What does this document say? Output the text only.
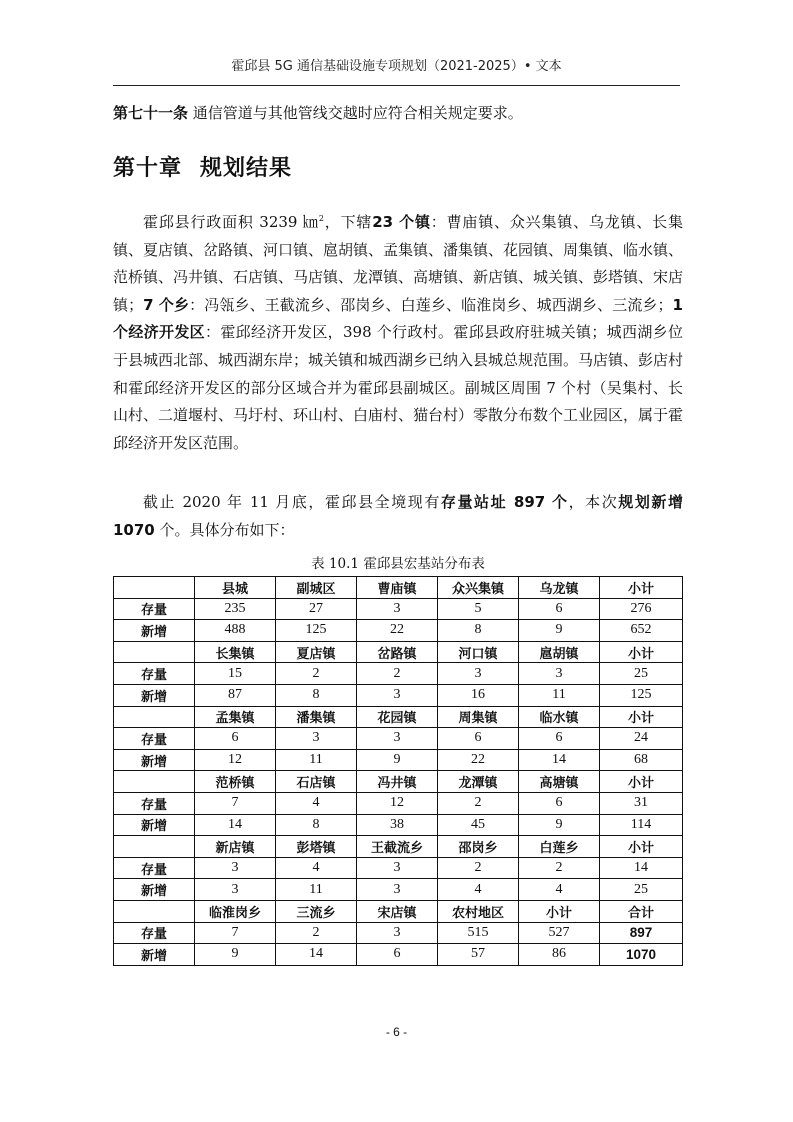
霍邱县 5G 通信基础设施专项规划（2021-2025）• 文本
第七十一条 通信管道与其他管线交越时应符合相关规定要求。
第十章 规划结果
霍邱县行政面积 3239 ㎞$^2$，下辖23 个镇：曹庙镇、众兴集镇、乌龙镇、长集镇、夏店镇、岔路镇、河口镇、扈胡镇、孟集镇、潘集镇、花园镇、周集镇、临水镇、范桥镇、冯井镇、石店镇、马店镇、龙潭镇、高塘镇、新店镇、城关镇、彭塔镇、宋店镇；7 个乡：冯瓴乡、王截流乡、邵岗乡、白莲乡、临淮岗乡、城西湖乡、三流乡；1 个经济开发区：霍邱经济开发区，398 个行政村。霍邱县政府驻城关镇；城西湖乡位于县城西北部、城西湖东岸；城关镇和城西湖乡已纳入县城总规范围。马店镇、彭店村和霍邱经济开发区的部分区域合并为霍邱县副城区。副城区周围 7 个村（吴集村、长山村、二道堰村、马圩村、环山村、白庙村、猫台村）零散分布数个工业园区，属于霍邱经济开发区范围。
截止 2020 年 11 月底，霍邱县全境现有存量站址 897 个，本次规划新增 1070 个。具体分布如下：
表 10.1 霍邱县宏基站分布表
	县城	副城区	曹庙镇	众兴集镇	乌龙镇	小计
存量	235	27	3	5	6	276
新增	488	125	22	8	9	652
	长集镇	夏店镇	岔路镇	河口镇	扈胡镇	小计
存量	15	2	2	3	3	25
新增	87	8	3	16	11	125
	孟集镇	潘集镇	花园镇	周集镇	临水镇	小计
存量	6	3	3	6	6	24
新增	12	11	9	22	14	68
	范桥镇	石店镇	冯井镇	龙潭镇	高塘镇	小计
存量	7	4	12	2	6	31
新增	14	8	38	45	9	114
	新店镇	彭塔镇	王截流乡	邵岗乡	白莲乡	小计
存量	3	4	3	2	2	14
新增	3	11	3	4	4	25
	临淮岗乡	三流乡	宋店镇	农村地区	小计	合计
存量	7	2	3	515	527	897
新增	9	14	6	57	86	1070
- 6 -
